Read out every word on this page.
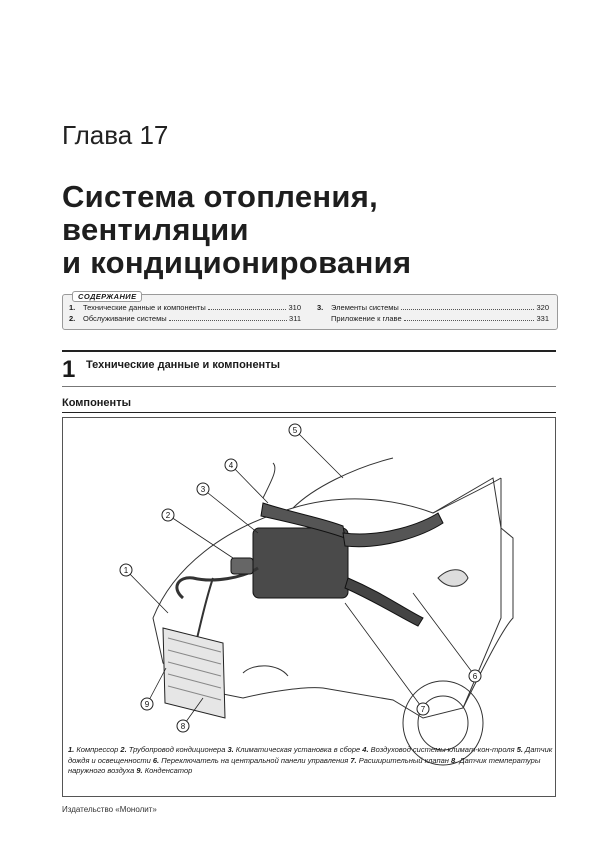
Глава 17
Система отопления,
вентиляции
и кондиционирования
1.	Технические данные и компоненты	310
2.	Обслуживание системы	311
3.	Элементы системы	320
Приложение к главе	331
СОДЕРЖАНИЕ
1 Технические данные и компоненты
Компоненты
1
2
3
4
5
6
7
8
9
1. Компрессор 2. Трубопровод кондиционера 3. Климатическая установка в сборе 4. Воздуховод системы климат-кон-троля 5. Датчик дождя и освещенности 6. Переключатель на центральной панели управления 7. Расширительный клапан 8. Датчик температуры наружного воздуха 9. Конденсатор
Издательство «Монолит»
